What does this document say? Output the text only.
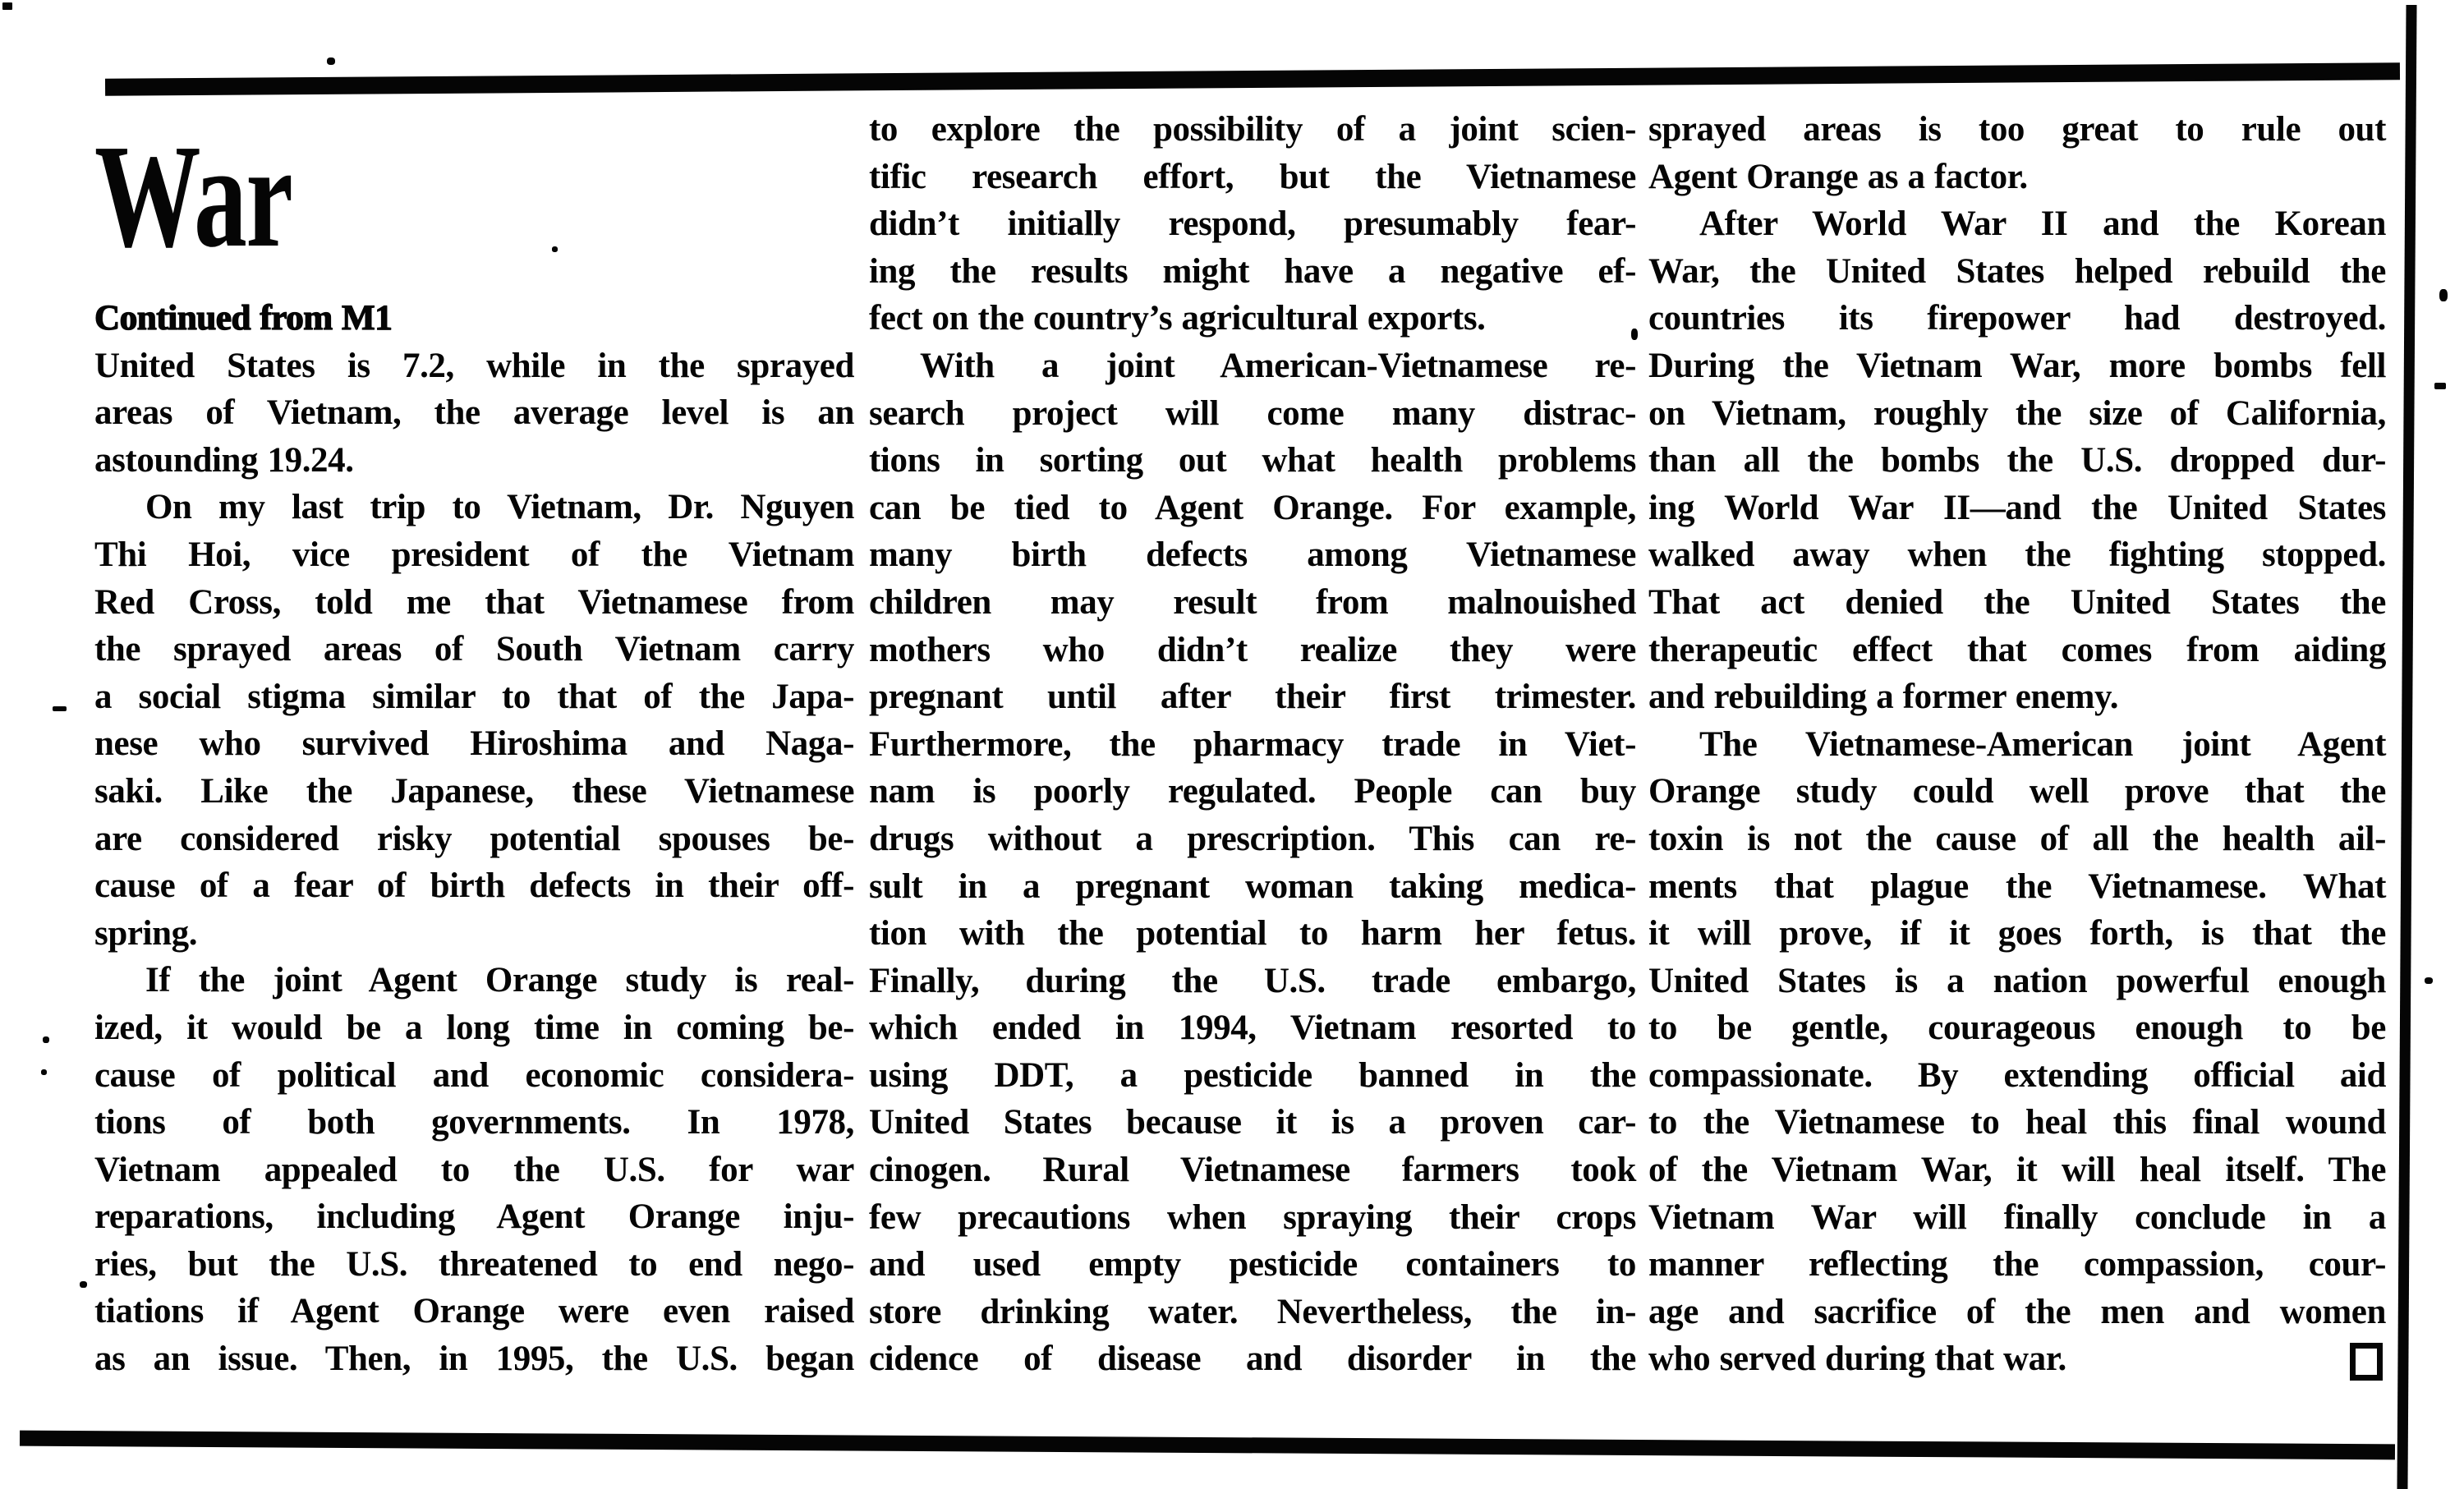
War
Continued from M1
United States is 7.2, while in the sprayed
areas of Vietnam, the average level is an
astounding 19.24.
On my last trip to Vietnam, Dr. Nguyen
Thi Hoi, vice president of the Vietnam
Red Cross, told me that Vietnamese from
the sprayed areas of South Vietnam carry
a social stigma similar to that of the Japa-
nese who survived Hiroshima and Naga-
saki. Like the Japanese, these Vietnamese
are considered risky potential spouses be-
cause of a fear of birth defects in their off-
spring.
If the joint Agent Orange study is real-
ized, it would be a long time in coming be-
cause of political and economic considera-
tions of both governments. In 1978,
Vietnam appealed to the U.S. for war
reparations, including Agent Orange inju-
ries, but the U.S. threatened to end nego-
tiations if Agent Orange were even raised
as an issue. Then, in 1995, the U.S. began
to explore the possibility of a joint scien-
tific research effort, but the Vietnamese
didn’t initially respond, presumably fear-
ing the results might have a negative ef-
fect on the country’s agricultural exports.
With a joint American-Vietnamese re-
search project will come many distrac-
tions in sorting out what health problems
can be tied to Agent Orange. For example,
many birth defects among Vietnamese
children may result from malnouished
mothers who didn’t realize they were
pregnant until after their first trimester.
Furthermore, the pharmacy trade in Viet-
nam is poorly regulated. People can buy
drugs without a prescription. This can re-
sult in a pregnant woman taking medica-
tion with the potential to harm her fetus.
Finally, during the U.S. trade embargo,
which ended in 1994, Vietnam resorted to
using DDT, a pesticide banned in the
United States because it is a proven car-
cinogen. Rural Vietnamese farmers took
few precautions when spraying their crops
and used empty pesticide containers to
store drinking water. Nevertheless, the in-
cidence of disease and disorder in the
sprayed areas is too great to rule out
Agent Orange as a factor.
After World War II and the Korean
War, the United States helped rebuild the
countries its firepower had destroyed.
During the Vietnam War, more bombs fell
on Vietnam, roughly the size of California,
than all the bombs the U.S. dropped dur-
ing World War II—and the United States
walked away when the fighting stopped.
That act denied the United States the
therapeutic effect that comes from aiding
and rebuilding a former enemy.
The Vietnamese-American joint Agent
Orange study could well prove that the
toxin is not the cause of all the health ail-
ments that plague the Vietnamese. What
it will prove, if it goes forth, is that the
United States is a nation powerful enough
to be gentle, courageous enough to be
compassionate. By extending official aid
to the Vietnamese to heal this final wound
of the Vietnam War, it will heal itself. The
Vietnam War will finally conclude in a
manner reflecting the compassion, cour-
age and sacrifice of the men and women
who served during that war.
